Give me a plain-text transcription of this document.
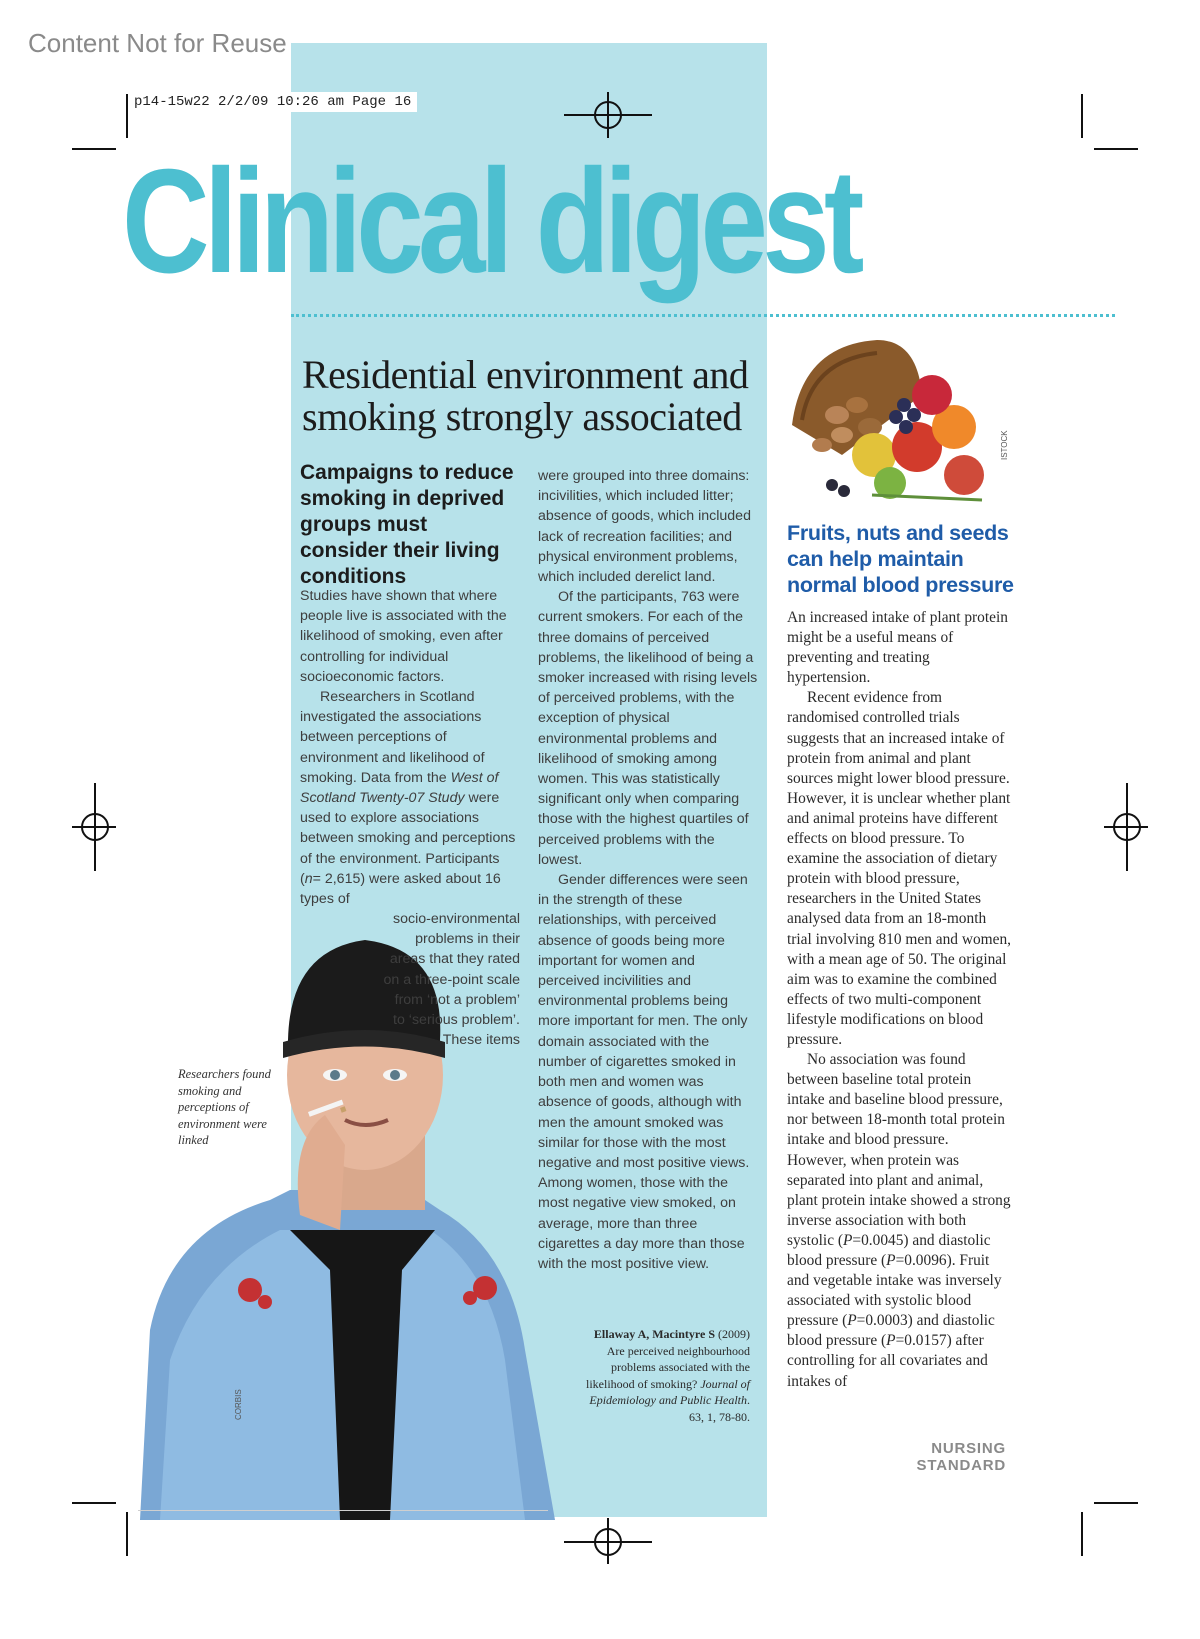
Content Not for Reuse
p14-15w22 2/2/09 10:26 am Page 16
Clinical digest
Residential environment and smoking strongly associated
Campaigns to reduce smoking in deprived groups must consider their living conditions
Researchers found smoking and perceptions of environment were linked
CORBIS

Studies have shown that where people live is associated with the likelihood of smoking, even after controlling for individual socioeconomic factors.

Researchers in Scotland investigated the associations between perceptions of environment and likelihood of smoking. Data from the West of Scotland Twenty-07 Study were used to explore associations between smoking and perceptions of the environment. Participants (n= 2,615) were asked about 16 types of

socio-environmental problems in their areas that they rated on a three-point scale from ‘not a problem’ to ‘serious problem’. These items

were grouped into three domains: incivilities, which included litter; absence of goods, which included lack of recreation facilities; and physical environment problems, which included derelict land.

Of the participants, 763 were current smokers. For each of the three domains of perceived problems, the likelihood of being a smoker increased with rising levels of perceived problems, with the exception of physical environmental problems and likelihood of smoking among women. This was statistically significant only when comparing those with the highest quartiles of perceived problems with the lowest.

Gender differences were seen in the strength of these relationships, with perceived absence of goods being more important for women and perceived incivilities and environmental problems being more important for men. The only domain associated with the number of cigarettes smoked in both men and women was absence of goods, although with men the amount smoked was similar for those with the most negative and most positive views. Among women, those with the most negative view smoked, on average, more than three cigarettes a day more than those with the most positive view.

Ellaway A, Macintyre S (2009) Are perceived neighbourhood problems associated with the likelihood of smoking? Journal of Epidemiology and Public Health. 63, 1, 78-80.
ISTOCK
Fruits, nuts and seeds can help maintain normal blood pressure

An increased intake of plant protein might be a useful means of preventing and treating hypertension.

Recent evidence from randomised controlled trials suggests that an increased intake of protein from animal and plant sources might lower blood pressure. However, it is unclear whether plant and animal proteins have different effects on blood pressure. To examine the association of dietary protein with blood pressure, researchers in the United States analysed data from an 18-month trial involving 810 men and women, with a mean age of 50. The original aim was to examine the combined effects of two multi-component lifestyle modifications on blood pressure.

No association was found between baseline total protein intake and baseline blood pressure, nor between 18-month total protein intake and blood pressure. However, when protein was separated into plant and animal, plant protein intake showed a strong inverse association with both systolic (P=0.0045) and diastolic blood pressure (P=0.0096). Fruit and vegetable intake was inversely associated with systolic blood pressure (P=0.0003) and diastolic blood pressure (P=0.0157) after controlling for all covariates and intakes of

NURSING STANDARD
